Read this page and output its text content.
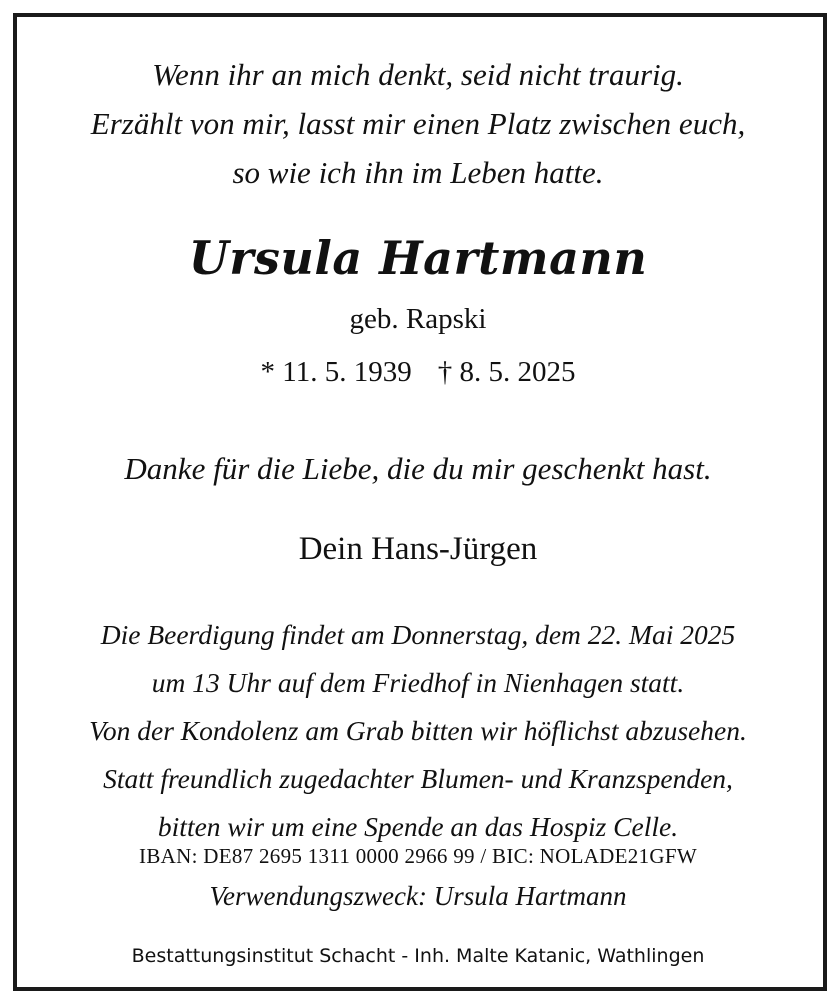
Wenn ihr an mich denkt, seid nicht traurig.
Erzählt von mir, lasst mir einen Platz zwischen euch,
so wie ich ihn im Leben hatte.
Ursula Hartmann
geb. Rapski
* 11. 5. 1939 † 8. 5. 2025
Danke für die Liebe, die du mir geschenkt hast.
Dein Hans-Jürgen
Die Beerdigung findet am Donnerstag, dem 22. Mai 2025
um 13 Uhr auf dem Friedhof in Nienhagen statt.
Von der Kondolenz am Grab bitten wir höflichst abzusehen.
Statt freundlich zugedachter Blumen- und Kranzspenden,
bitten wir um eine Spende an das Hospiz Celle.
IBAN: DE87 2695 1311 0000 2966 99 / BIC: NOLADE21GFW
Verwendungszweck: Ursula Hartmann
Bestattungsinstitut Schacht - Inh. Malte Katanic, Wathlingen
